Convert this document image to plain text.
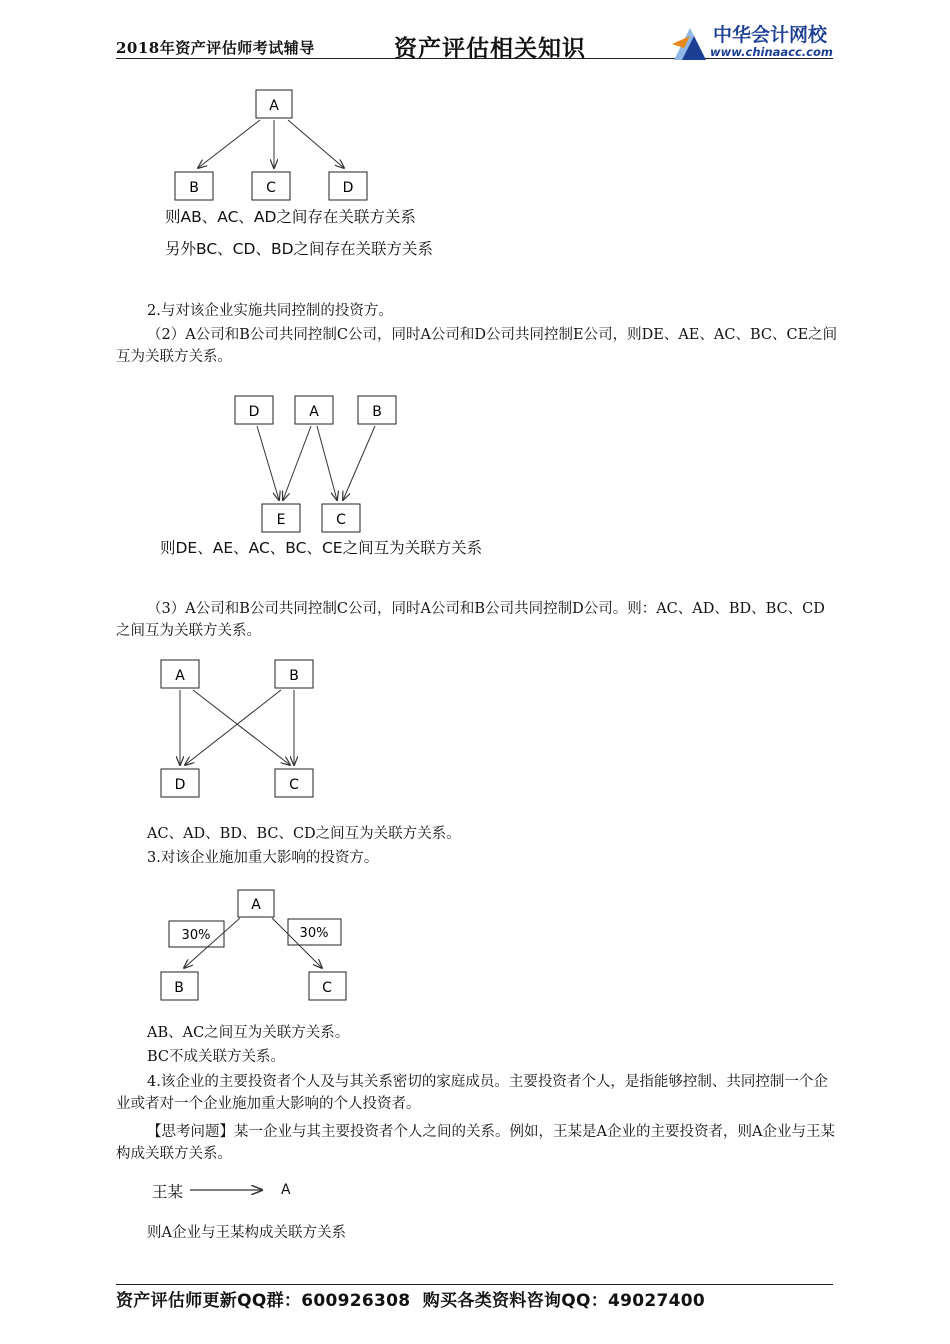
2018年资产评估师考试辅导	资产评估相关知识	中华会计网校
www.chinaacc.com
A
B	C	D
则AB、AC、AD之间存在关联方关系
另外BC、CD、BD之间存在关联方关系
2.与对该企业实施共同控制的投资方。
（2）A公司和B公司共同控制C公司，同时A公司和D公司共同控制E公司，则DE、AE、AC、BC、CE之间互为关联方关系。
D	A	B
E	C
则DE、AE、AC、BC、CE之间互为关联方关系
（3）A公司和B公司共同控制C公司，同时A公司和B公司共同控制D公司。则：AC、AD、BD、BC、CD之间互为关联方关系。
A	B
D	C
AC、AD、BD、BC、CD之间互为关联方关系。
3.对该企业施加重大影响的投资方。
A
30%	30%
B	C
AB、AC之间互为关联方关系。
BC不成关联方关系。
4.该企业的主要投资者个人及与其关系密切的家庭成员。主要投资者个人，是指能够控制、共同控制一个企业或者对一个企业施加重大影响的个人投资者。
【思考问题】某一企业与其主要投资者个人之间的关系。例如，王某是A企业的主要投资者，则A企业与王某构成关联方关系。
王某	A
则A企业与王某构成关联方关系
资产评估师更新QQ群：600926308  购买各类资料咨询QQ：49027400
